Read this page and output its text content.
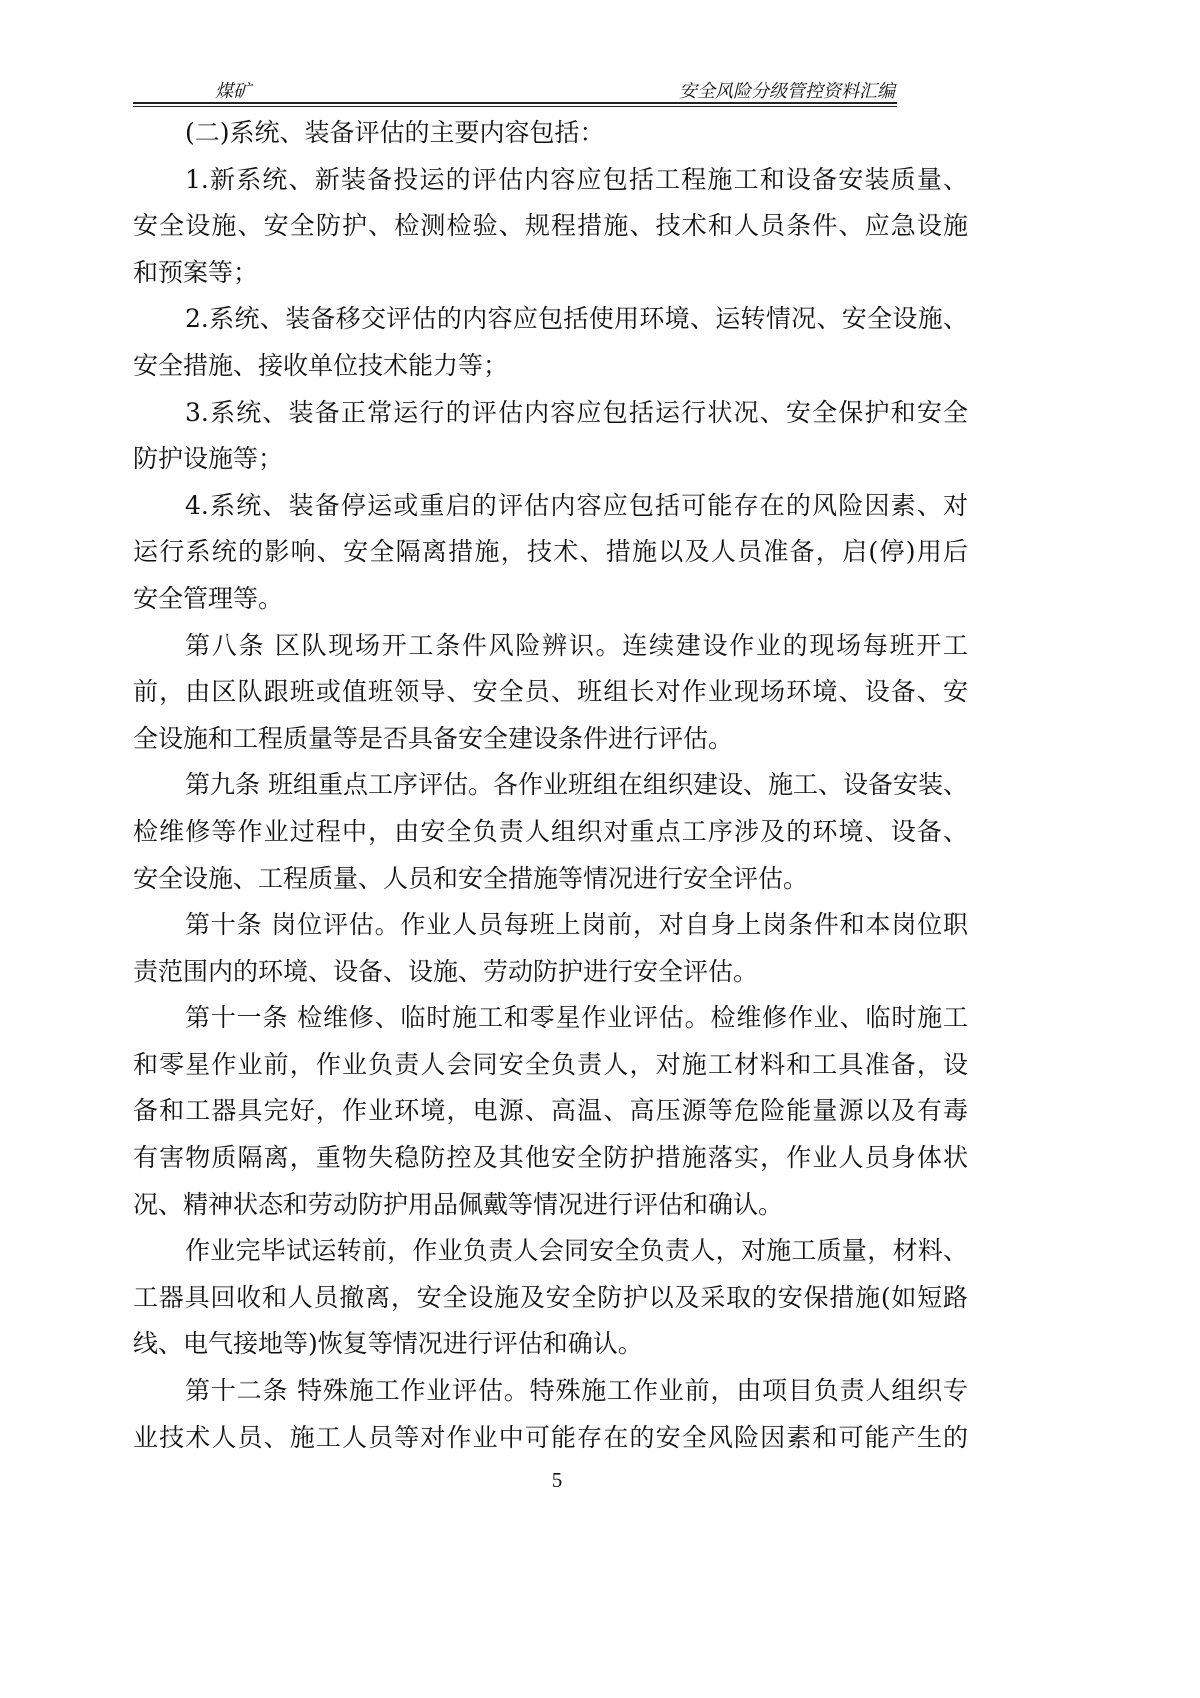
煤矿	安全风险分级管控资料汇编
(二)系统、装备评估的主要内容包括：
1.新系统、新装备投运的评估内容应包括工程施工和设备安装质量、
安全设施、安全防护、检测检验、规程措施、技术和人员条件、应急设施
和预案等；
2.系统、装备移交评估的内容应包括使用环境、运转情况、安全设施、
安全措施、接收单位技术能力等；
3.系统、装备正常运行的评估内容应包括运行状况、安全保护和安全
防护设施等；
4.系统、装备停运或重启的评估内容应包括可能存在的风险因素、对
运行系统的影响、安全隔离措施，技术、措施以及人员准备，启(停)用后
安全管理等。
第八条 区队现场开工条件风险辨识。连续建设作业的现场每班开工
前，由区队跟班或值班领导、安全员、班组长对作业现场环境、设备、安
全设施和工程质量等是否具备安全建设条件进行评估。
第九条 班组重点工序评估。各作业班组在组织建设、施工、设备安装、
检维修等作业过程中，由安全负责人组织对重点工序涉及的环境、设备、
安全设施、工程质量、人员和安全措施等情况进行安全评估。
第十条 岗位评估。作业人员每班上岗前，对自身上岗条件和本岗位职
责范围内的环境、设备、设施、劳动防护进行安全评估。
第十一条 检维修、临时施工和零星作业评估。检维修作业、临时施工
和零星作业前，作业负责人会同安全负责人，对施工材料和工具准备，设
备和工器具完好，作业环境，电源、高温、高压源等危险能量源以及有毒
有害物质隔离，重物失稳防控及其他安全防护措施落实，作业人员身体状
况、精神状态和劳动防护用品佩戴等情况进行评估和确认。
作业完毕试运转前，作业负责人会同安全负责人，对施工质量，材料、
工器具回收和人员撤离，安全设施及安全防护以及采取的安保措施(如短路
线、电气接地等)恢复等情况进行评估和确认。
第十二条 特殊施工作业评估。特殊施工作业前，由项目负责人组织专
业技术人员、施工人员等对作业中可能存在的安全风险因素和可能产生的
5
